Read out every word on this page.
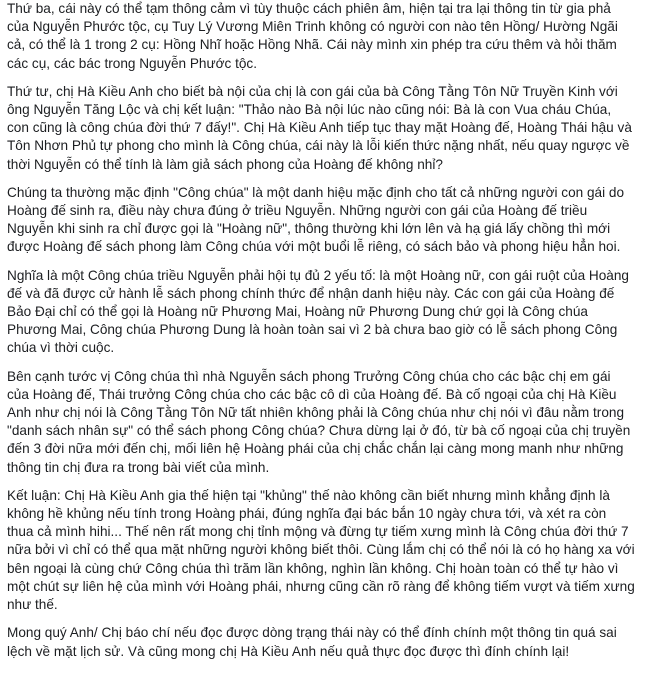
Thứ ba, cái này có thể tạm thông cảm vì tùy thuộc cách phiên âm, hiện tại tra lại thông tin từ gia phả của Nguyễn Phước tộc, cụ Tuy Lý Vương Miên Trinh không có người con nào tên Hồng/ Hường Ngãi cả, có thể là 1 trong 2 cụ: Hồng Nhĩ hoặc Hồng Nhã. Cái này mình xin phép tra cứu thêm và hỏi thăm các cụ, các bác trong Nguyễn Phước tộc.

Thứ tư, chị Hà Kiều Anh cho biết bà nội của chị là con gái của bà Công Tằng Tôn Nữ Truyền Kinh với ông Nguyễn Tăng Lộc và chị kết luận: "Thảo nào Bà nội lúc nào cũng nói: Bà là con Vua cháu Chúa, con cũng là công chúa đời thứ 7 đấy!". Chị Hà Kiều Anh tiếp tục thay mặt Hoàng đế, Hoàng Thái hậu và Tôn Nhơn Phủ tự phong cho mình là Công chúa, cái này là lỗi kiến thức nặng nhất, nếu quay ngược về thời Nguyễn có thể tính là làm giả sách phong của Hoàng đế không nhỉ?

Chúng ta thường mặc định "Công chúa" là một danh hiệu mặc định cho tất cả những người con gái do Hoàng đế sinh ra, điều này chưa đúng ở triều Nguyễn. Những người con gái của Hoàng đế triều Nguyễn khi sinh ra chỉ được gọi là "Hoàng nữ", thông thường khi lớn lên và hạ giá lấy chồng thì mới được Hoàng đế sách phong làm Công chúa với một buổi lễ riêng, có sách bảo và phong hiệu hẳn hoi.

Nghĩa là một Công chúa triều Nguyễn phải hội tụ đủ 2 yếu tố: là một Hoàng nữ, con gái ruột của Hoàng đế và đã được cử hành lễ sách phong chính thức để nhận danh hiệu này. Các con gái của Hoàng đế Bảo Đại chỉ có thể gọi là Hoàng nữ Phương Mai, Hoàng nữ Phương Dung chứ gọi là Công chúa Phương Mai, Công chúa Phương Dung là hoàn toàn sai vì 2 bà chưa bao giờ có lễ sách phong Công chúa vì thời cuộc.

Bên cạnh tước vị Công chúa thì nhà Nguyễn sách phong Trưởng Công chúa cho các bậc chị em gái của Hoàng đế, Thái trưởng Công chúa cho các bậc cô dì của Hoàng đế. Bà cố ngoại của chị Hà Kiều Anh như chị nói là Công Tằng Tôn Nữ tất nhiên không phải là Công chúa như chị nói vì đâu nằm trong "danh sách nhân sự" có thể sách phong Công chúa? Chưa dừng lại ở đó, từ bà cố ngoại của chị truyền đến 3 đời nữa mới đến chị, mối liên hệ Hoàng phái của chị chắc chắn lại càng mong manh như những thông tin chị đưa ra trong bài viết của mình.

Kết luận: Chị Hà Kiều Anh gia thế hiện tại "khủng" thế nào không cần biết nhưng mình khẳng định là không hề khủng nếu tính trong Hoàng phái, đúng nghĩa đại bác bắn 10 ngày chưa tới, và xét ra còn thua cả mình hihi... Thế nên rất mong chị tỉnh mộng và đừng tự tiếm xưng mình là Công chúa đời thứ 7 nữa bởi vì chỉ có thể qua mặt những người không biết thôi. Cùng lắm chị có thể nói là có họ hàng xa với bên ngoại là cùng chứ Công chúa thì trăm lần không, nghìn lần không. Chị hoàn toàn có thể tự hào vì một chút sự liên hệ của mình với Hoàng phái, nhưng cũng cần rõ ràng để không tiếm vượt và tiếm xưng như thế.

Mong quý Anh/ Chị báo chí nếu đọc được dòng trạng thái này có thể đính chính một thông tin quá sai lệch về mặt lịch sử. Và cũng mong chị Hà Kiều Anh nếu quả thực đọc được thì đính chính lại!
